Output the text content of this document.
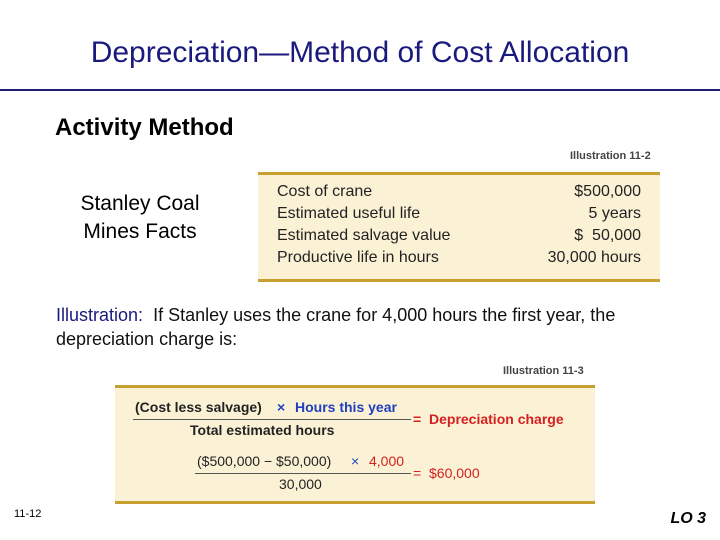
Depreciation—Method of Cost Allocation
Activity Method
Illustration 11-2
Stanley Coal Mines Facts
Cost of crane	$500,000
Estimated useful life	5 years
Estimated salvage value	$  50,000
Productive life in hours	30,000 hours
Illustration: If Stanley uses the crane for 4,000 hours the first year, the depreciation charge is:
Illustration 11-3
(Cost less salvage) × Hours this year
Total estimated hours
= Depreciation charge
($500,000 − $50,000) × 4,000
30,000
= $60,000
11-12	LO 3
